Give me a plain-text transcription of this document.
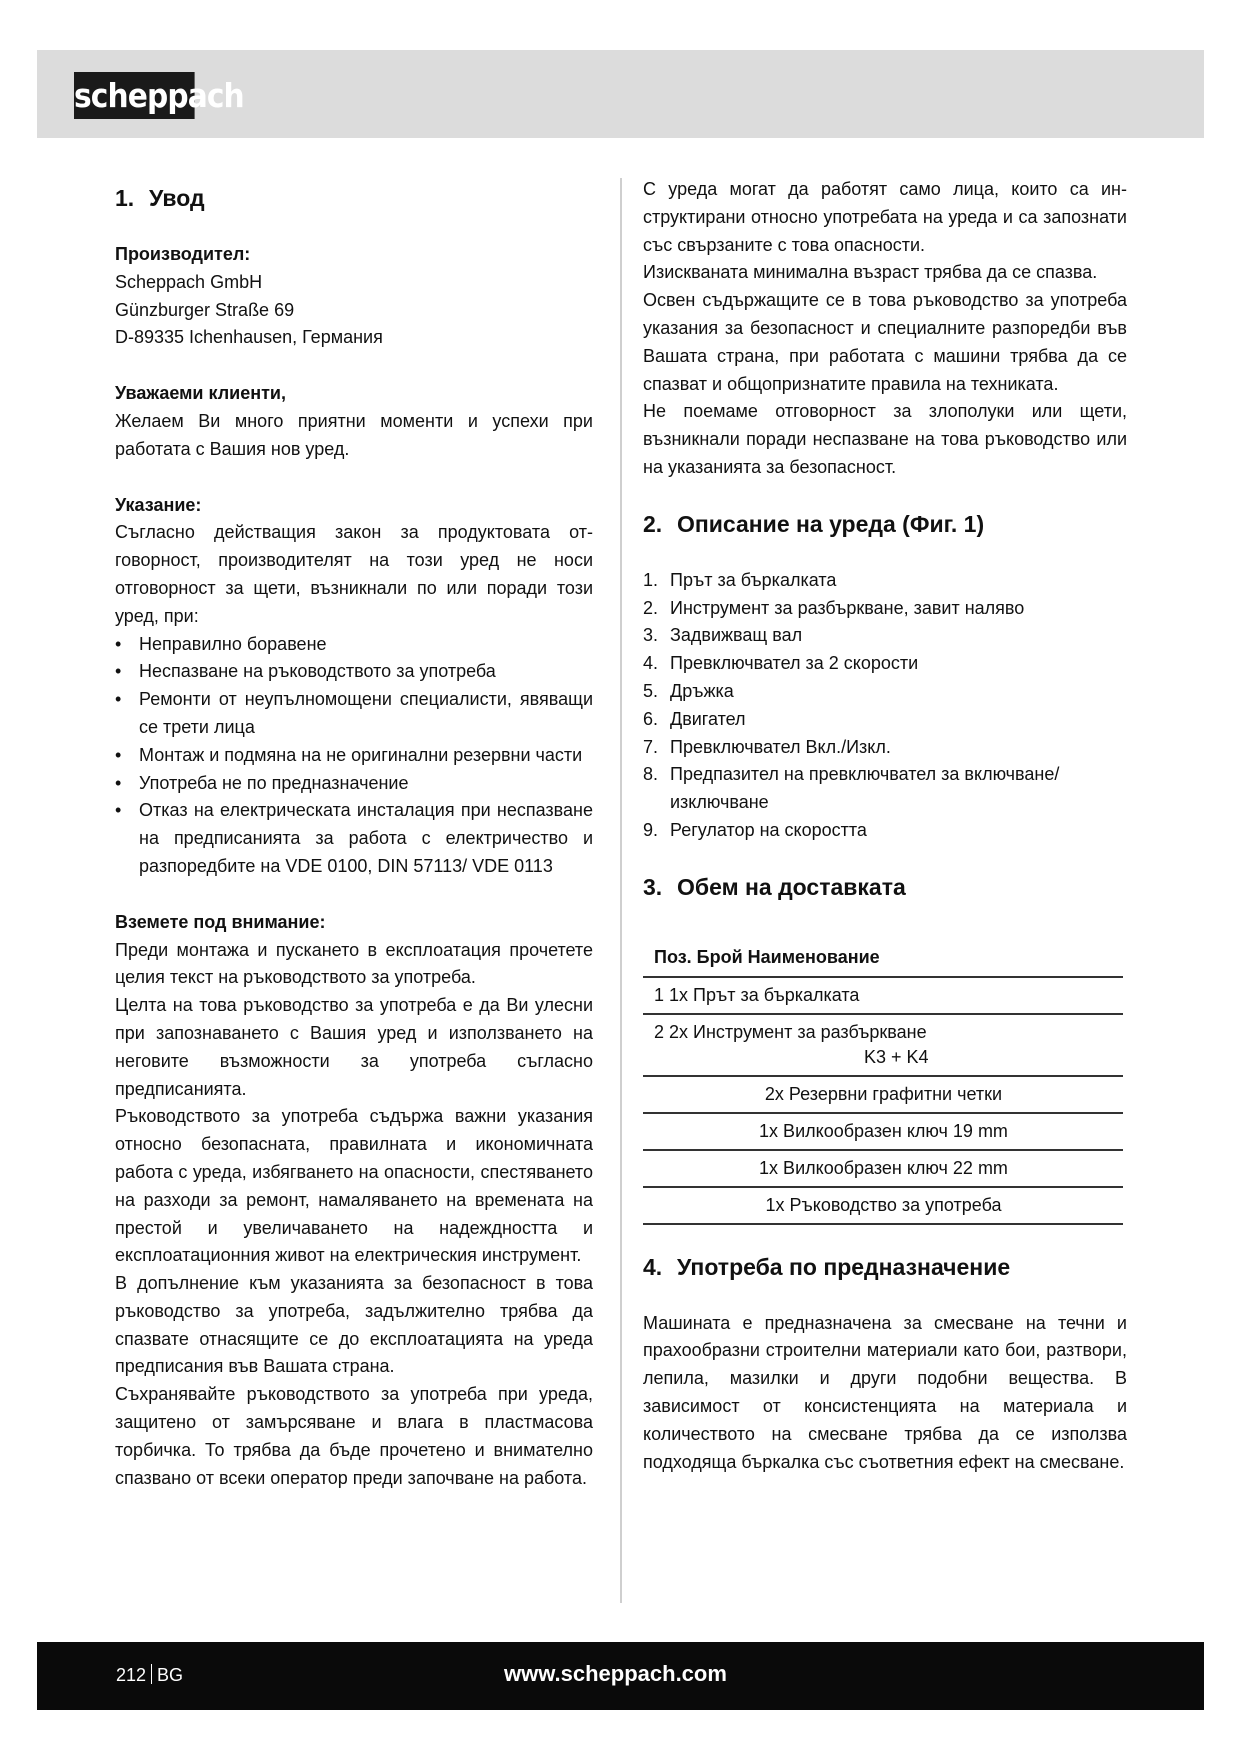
scheppach
1. Увод
Производител:
Scheppach GmbH
Günzburger Straße 69
D-89335 Ichenhausen, Германия
Уважаеми клиенти,

Желаем Ви много приятни моменти и успехи при работата с Вашия нов уред.

Указание:

Съгласно действащия закон за продуктовата отговорност, производителят на този уред не носи отговорност за щети, възникнали по или поради този уред, при:

• Неправилно боравене
• Неспазване на ръководството за употреба
• Ремонти от неупълномощени специалисти, явяващи се трети лица
• Монтаж и подмяна на не оригинални резервни части
• Употреба не по предназначение
• Отказ на електрическата инсталация при неспазване на предписанията за работа с електричество и разпоредбите на VDE 0100, DIN 57113/ VDE 0113
Вземете под внимание:

Преди монтажа и пускането в експлоатация прочетете целия текст на ръководството за употреба.

Целта на това ръководство за употреба е да Ви улесни при запознаването с Вашия уред и използването на неговите възможности за употреба съгласно предписанията.

Ръководството за употреба съдържа важни указания относно безопасната, правилната и икономичната работа с уреда, избягването на опасности, спестяването на разходи за ремонт, намаляването на времената на престой и увеличаването на надеждността и експлоатационния живот на електрическия инструмент.

В допълнение към указанията за безопасност в това ръководство за употреба, задължително трябва да спазвате отнасящите се до експлоатацията на уреда предписания във Вашата страна.

Съхранявайте ръководството за употреба при уреда, защитено от замърсяване и влага в пластмасова торбичка. То трябва да бъде прочетено и внимателно спазвано от всеки оператор преди започване на работа.

С уреда могат да работят само лица, които са инструктирани относно употребата на уреда и са запознати със свързаните с това опасности.

Изискваната минимална възраст трябва да се спазва.

Освен съдържащите се в това ръководство за употреба указания за безопасност и специалните разпоредби във Вашата страна, при работата с машини трябва да се спазват и общопризнатите правила на техниката.

Не поемаме отговорност за злополуки или щети, възникнали поради неспазване на това ръководство или на указанията за безопасност.

2. Описание на уреда (Фиг. 1)
1. Прът за бъркалката
2. Инструмент за разбъркване, завит наляво
3. Задвижващ вал
4. Превключвател за 2 скорости
5. Дръжка
6. Двигател
7. Превключвател Вкл./Изкл.
8. Предпазител на превключвател за включване/изключване
9. Регулатор на скоростта
3. Обем на доставката
Поз. Брой Наименование
1 1x Прът за бъркалката

2 2x Инструмент за разбъркване
K3 + K4

2x Резервни графитни четки
1x Вилкообразен ключ 19 mm
1x Вилкообразен ключ 22 mm
1x Ръководство за употреба
4. Употреба по предназначение

Машината е предназначена за смесване на течни и прахообразни строителни материали като бои, разтвори, лепила, мазилки и други подобни вещества. В зависимост от консистенцията на материала и количеството на смесване трябва да се използва подходяща бъркалка със съответния ефект на смесване.

212 BG	www.scheppach.com
